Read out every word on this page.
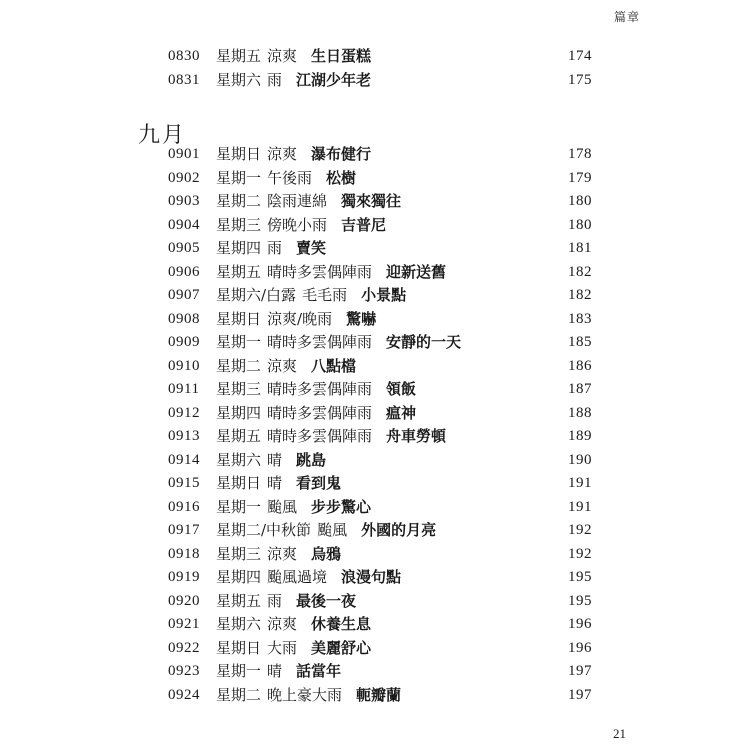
篇章
0830	星期五 涼爽 生日蛋糕	174
0831	星期六 雨 江湖少年老	175
九月
0901	星期日 涼爽 瀑布健行	178
0902	星期一 午後雨 松樹	179
0903	星期二 陰雨連綿 獨來獨往	180
0904	星期三 傍晚小雨 吉普尼	180
0905	星期四 雨 賣笑	181
0906	星期五 晴時多雲偶陣雨 迎新送舊	182
0907	星期六/白露 毛毛雨 小景點	182
0908	星期日 涼爽/晚雨 驚嚇	183
0909	星期一 晴時多雲偶陣雨 安靜的一天	185
0910	星期二 涼爽 八點檔	186
0911	星期三 晴時多雲偶陣雨 領飯	187
0912	星期四 晴時多雲偶陣雨 瘟神	188
0913	星期五 晴時多雲偶陣雨 舟車勞頓	189
0914	星期六 晴 跳島	190
0915	星期日 晴 看到鬼	191
0916	星期一 颱風 步步驚心	191
0917	星期二/中秋節 颱風 外國的月亮	192
0918	星期三 涼爽 烏鴉	192
0919	星期四 颱風過境 浪漫句點	195
0920	星期五 雨 最後一夜	195
0921	星期六 涼爽 休養生息	196
0922	星期日 大雨 美麗舒心	196
0923	星期一 晴 話當年	197
0924	星期二 晚上豪大雨 軛瓣蘭	197
21
